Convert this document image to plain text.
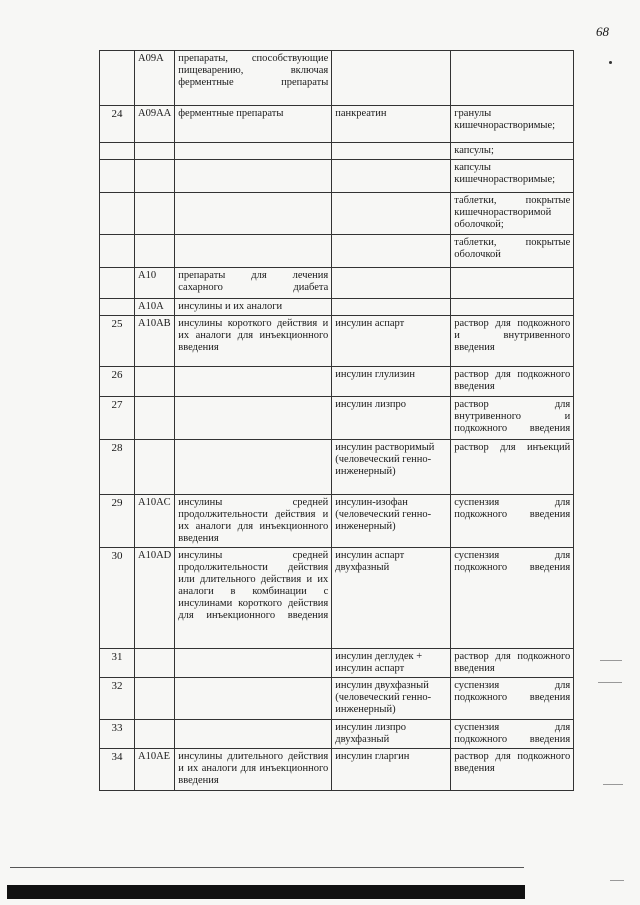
68
	A09A	препараты, способствующие пищеварению, включая ферментные препараты		
24	A09AA	ферментные препараты	панкреатин	гранулы кишечнорастворимые;
				капсулы;
				капсулы кишечнорастворимые;
				таблетки, покрытые кишечнорастворимой оболочкой;
				таблетки, покрытые оболочкой
	A10	препараты для лечения сахарного диабета		
	A10A	инсулины и их аналоги		
25	A10AB	инсулины короткого действия и их аналоги для инъекционного введения	инсулин аспарт	раствор для подкожного и внутривенного введения
26			инсулин глулизин	раствор для подкожного введения
27			инсулин лизпро	раствор для внутривенного и подкожного введения
28			инсулин растворимый (человеческий генно-инженерный)	раствор для инъекций
29	A10AC	инсулины средней продолжительности действия и их аналоги для инъекционного введения	инсулин-изофан (человеческий генно-инженерный)	суспензия для подкожного введения
30	A10AD	инсулины средней продолжительности действия или длительного действия и их аналоги в комбинации с инсулинами короткого действия для инъекционного введения	инсулин аспарт двухфазный	суспензия для подкожного введения
31			инсулин деглудек + инсулин аспарт	раствор для подкожного введения
32			инсулин двухфазный (человеческий генно-инженерный)	суспензия для подкожного введения
33			инсулин лизпро двухфазный	суспензия для подкожного введения
34	A10AE	инсулины длительного действия и их аналоги для инъекционного введения	инсулин гларгин	раствор для подкожного введения
